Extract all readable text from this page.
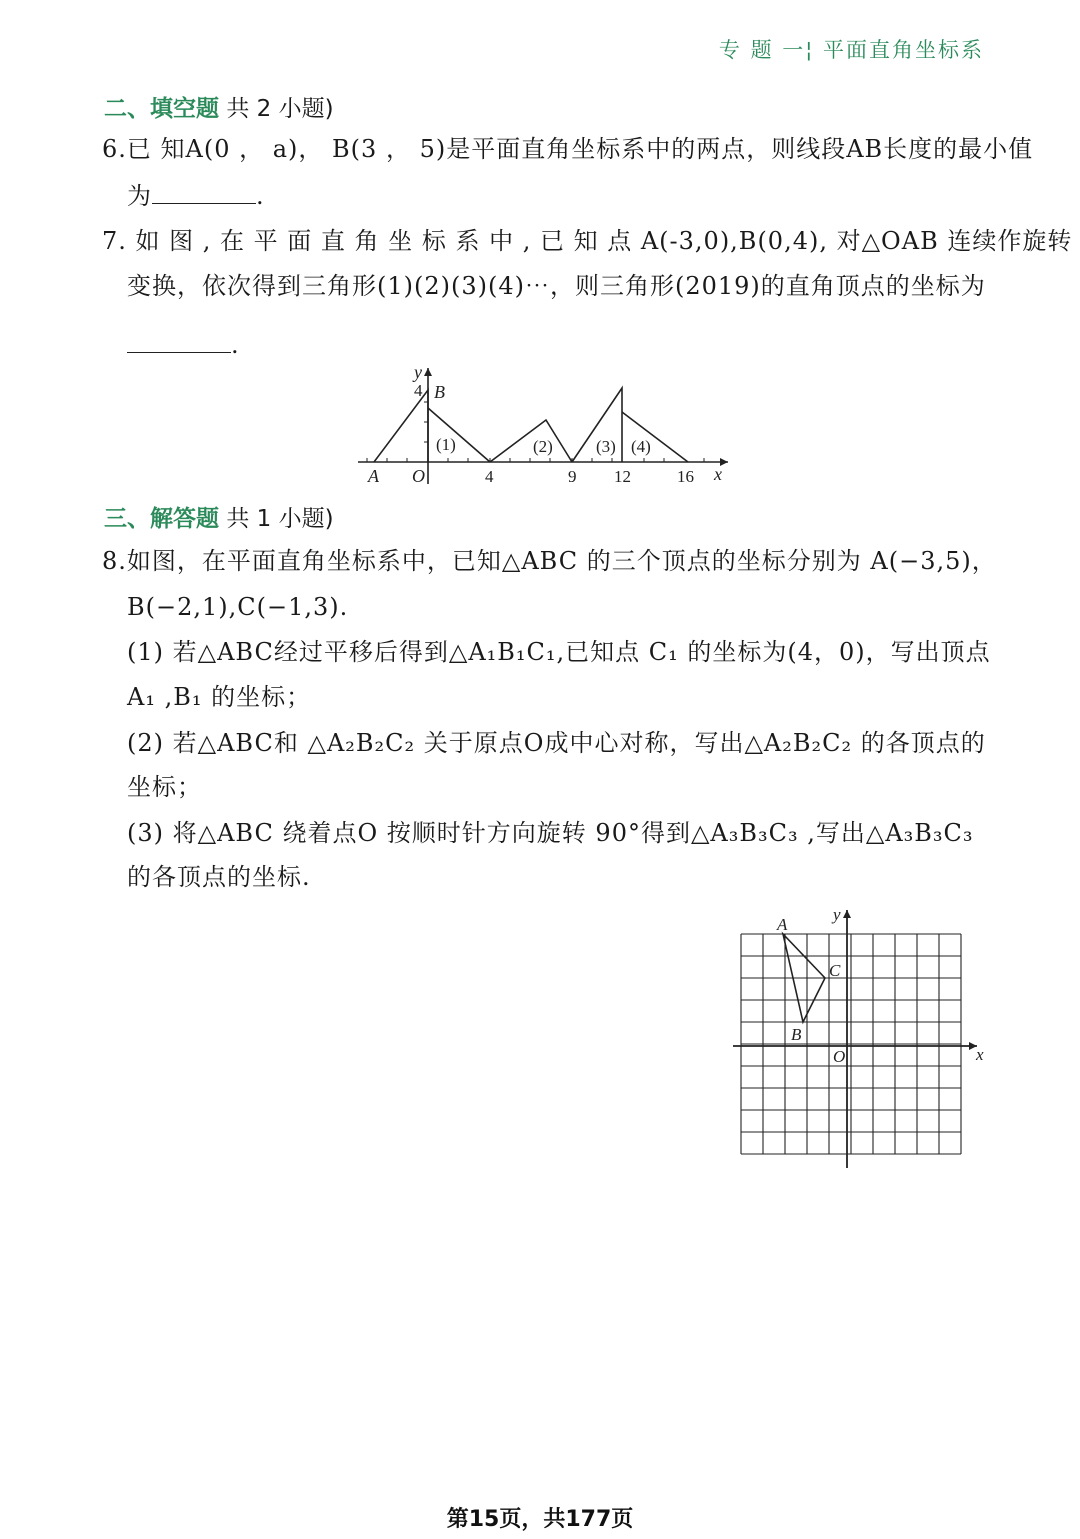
专 题 一¦ 平面直角坐标系
二、填空题 共 2 小题)
6.已 知A(0 ， a)， B(3 ， 5)是平面直角坐标系中的两点，则线段AB长度的最小值
为	.
7. 如 图 , 在 平 面 直 角 坐 标 系 中 , 已 知 点 A(-3,0),B(0,4), 对△OAB 连续作旋转
变换，依次得到三角形(1)(2)(3)(4)⋯，则三角形(2019)的直角顶点的坐标为
.
x
y
A O
B
4
4	9 12	16
(1)	(2)	(3) (4)
三、解答题 共 1 小题)
8.如图，在平面直角坐标系中，已知△ABC 的三个顶点的坐标分别为 A(−3,5)，
B(−2,1),C(−1,3).
(1) 若△ABC经过平移后得到△A₁B₁C₁,已知点 C₁ 的坐标为(4，0)，写出顶点
A₁ ,B₁ 的坐标；
(2) 若△ABC和 △A₂B₂C₂ 关于原点O成中心对称，写出△A₂B₂C₂ 的各顶点的
坐标；
(3) 将△ABC 绕着点O 按顺时针方向旋转 90°得到△A₃B₃C₃ ,写出△A₃B₃C₃
的各顶点的坐标.
x
y
O
A
B
C
第15页，共177页
